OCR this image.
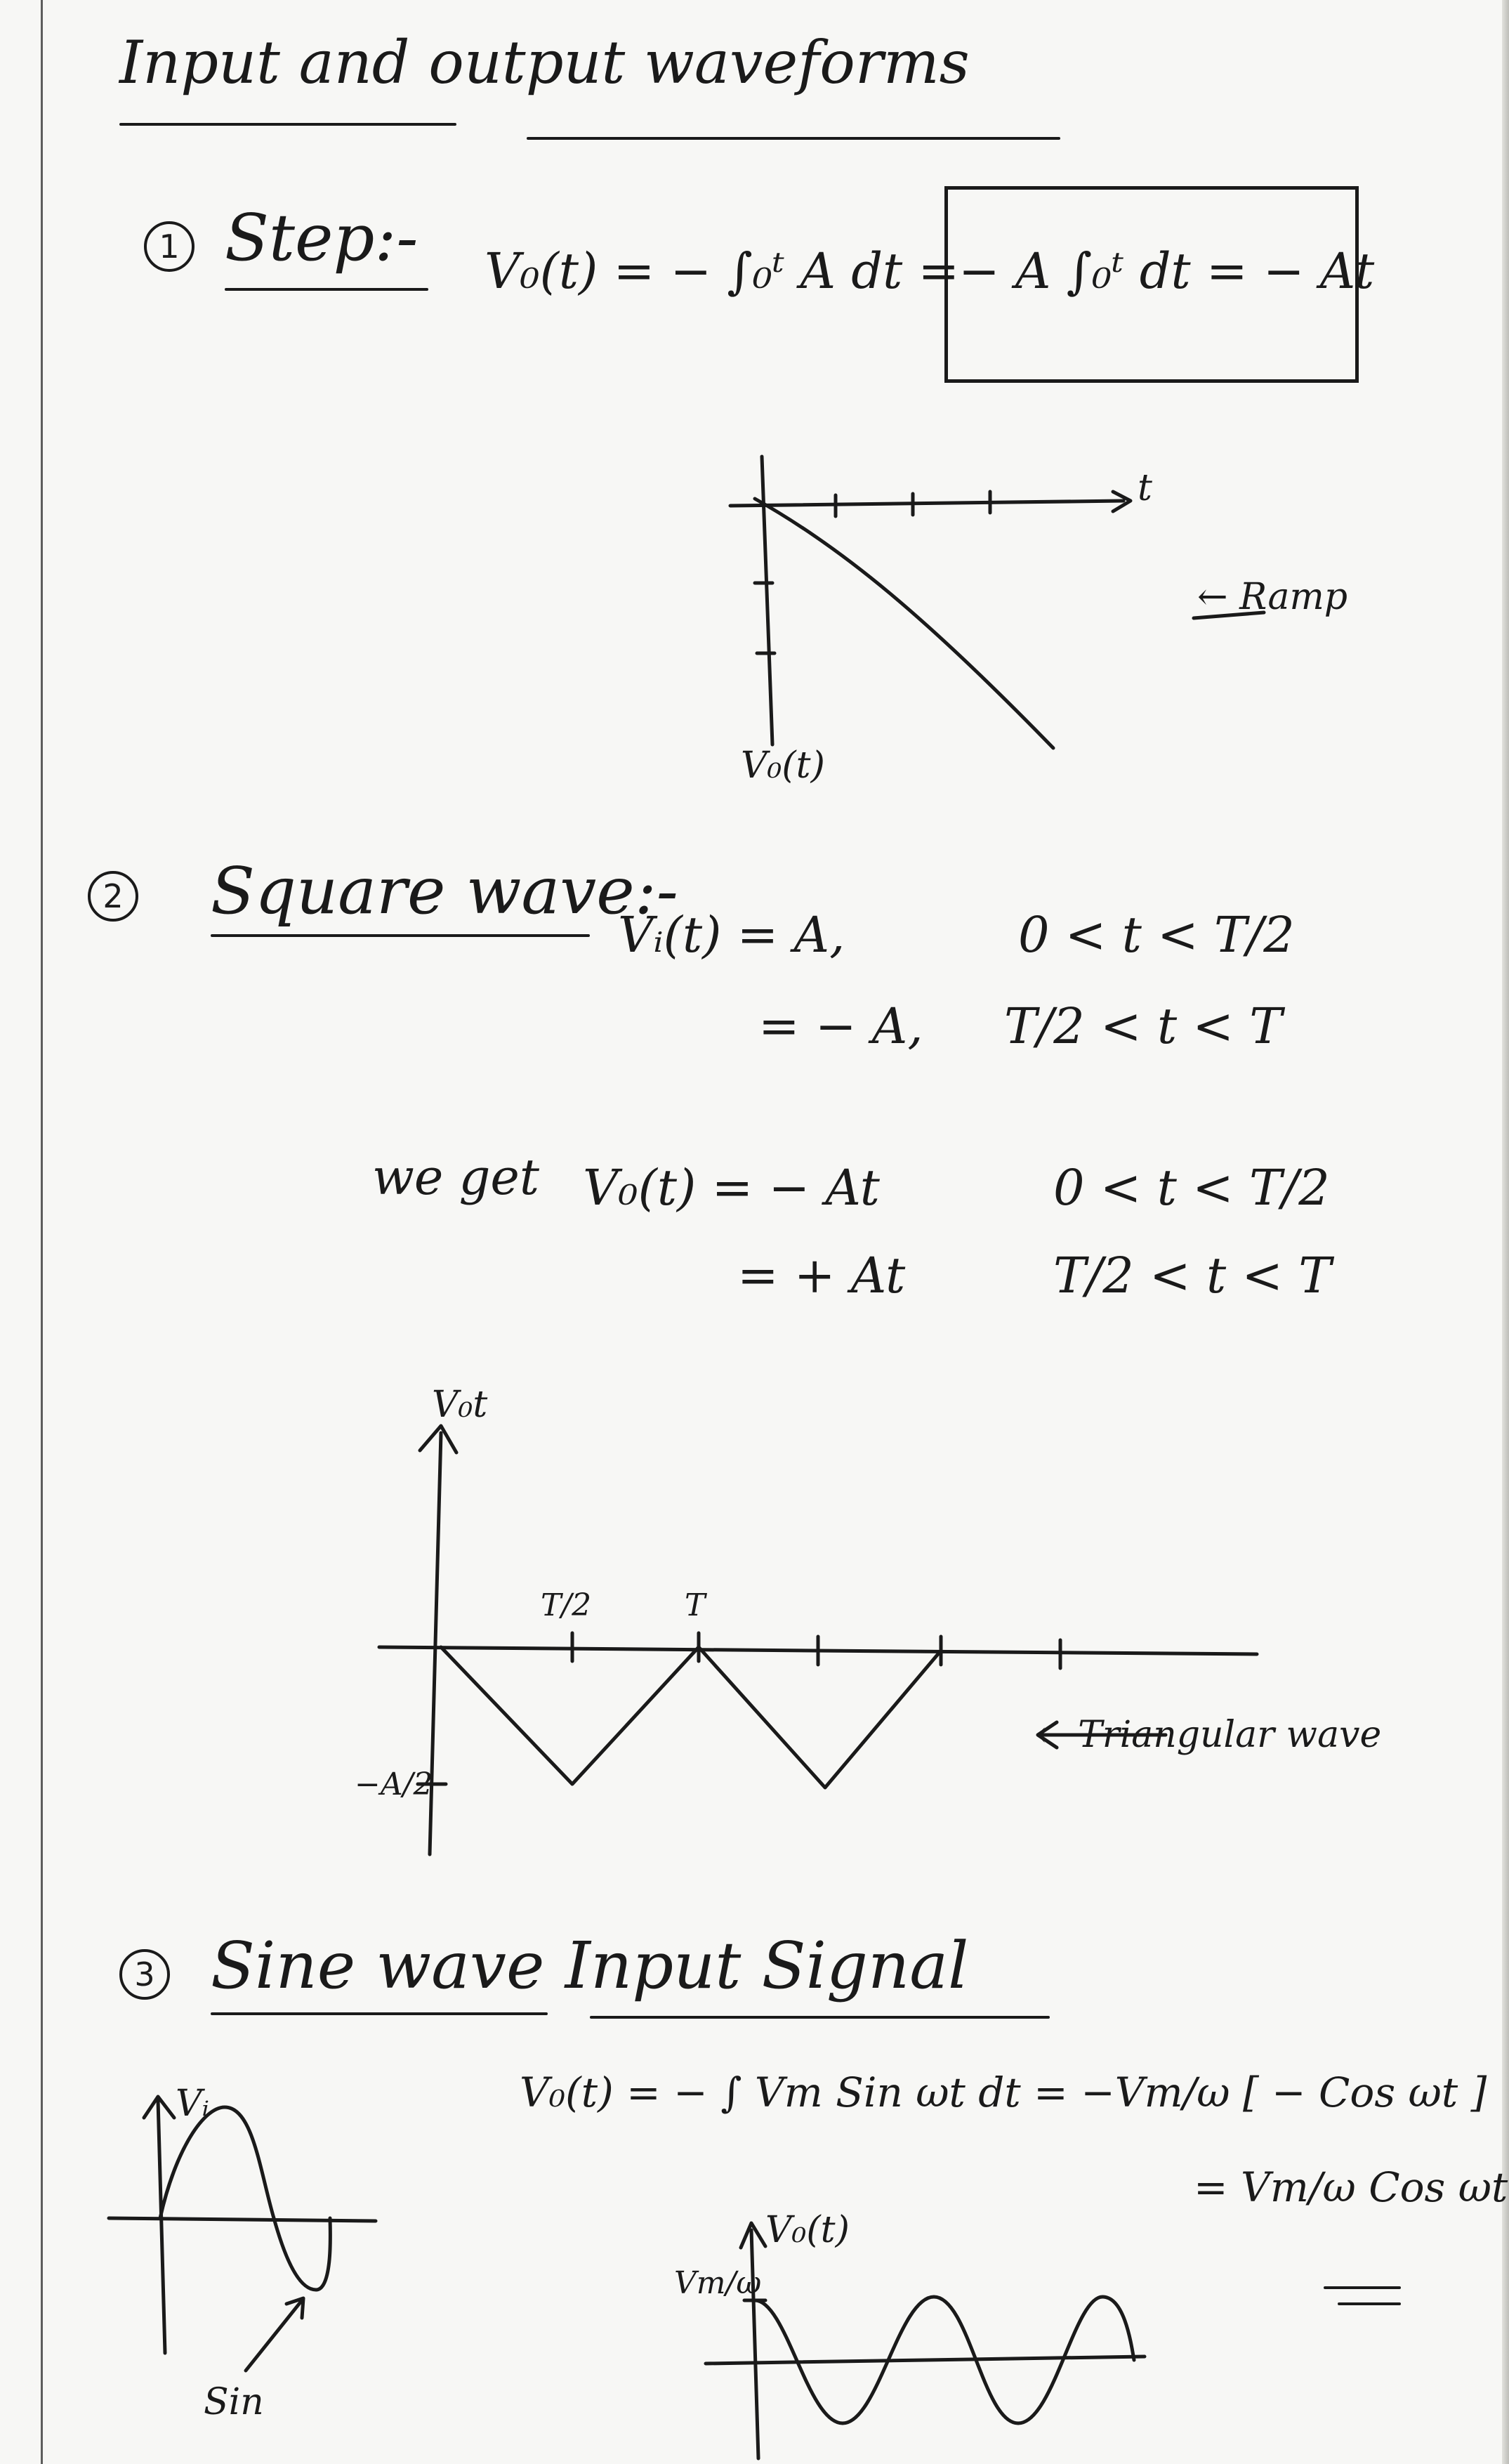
Input and output waveforms
1 Step:- V₀(t) = − ∫₀ᵗ A dt =
− A ∫₀ᵗ dt = − At
t
V₀(t)
← Ramp
2 Square wave:-
Vᵢ(t) = A,	0 < t < T/2
= − A, T/2 < t < T
we get V₀(t) = − At	0 < t < T/2
= + At	T/2 < t < T
V₀t
T/2	T
−A/2
← Triangular wave
3 Sine wave Input Signal
V₀(t) = − ∫ Vm Sin ωt dt = −Vm/ω [ − Cos ωt ]
= Vm/ω Cos ωt
Vᵢ
Sin
V₀(t)
Vm/ω
